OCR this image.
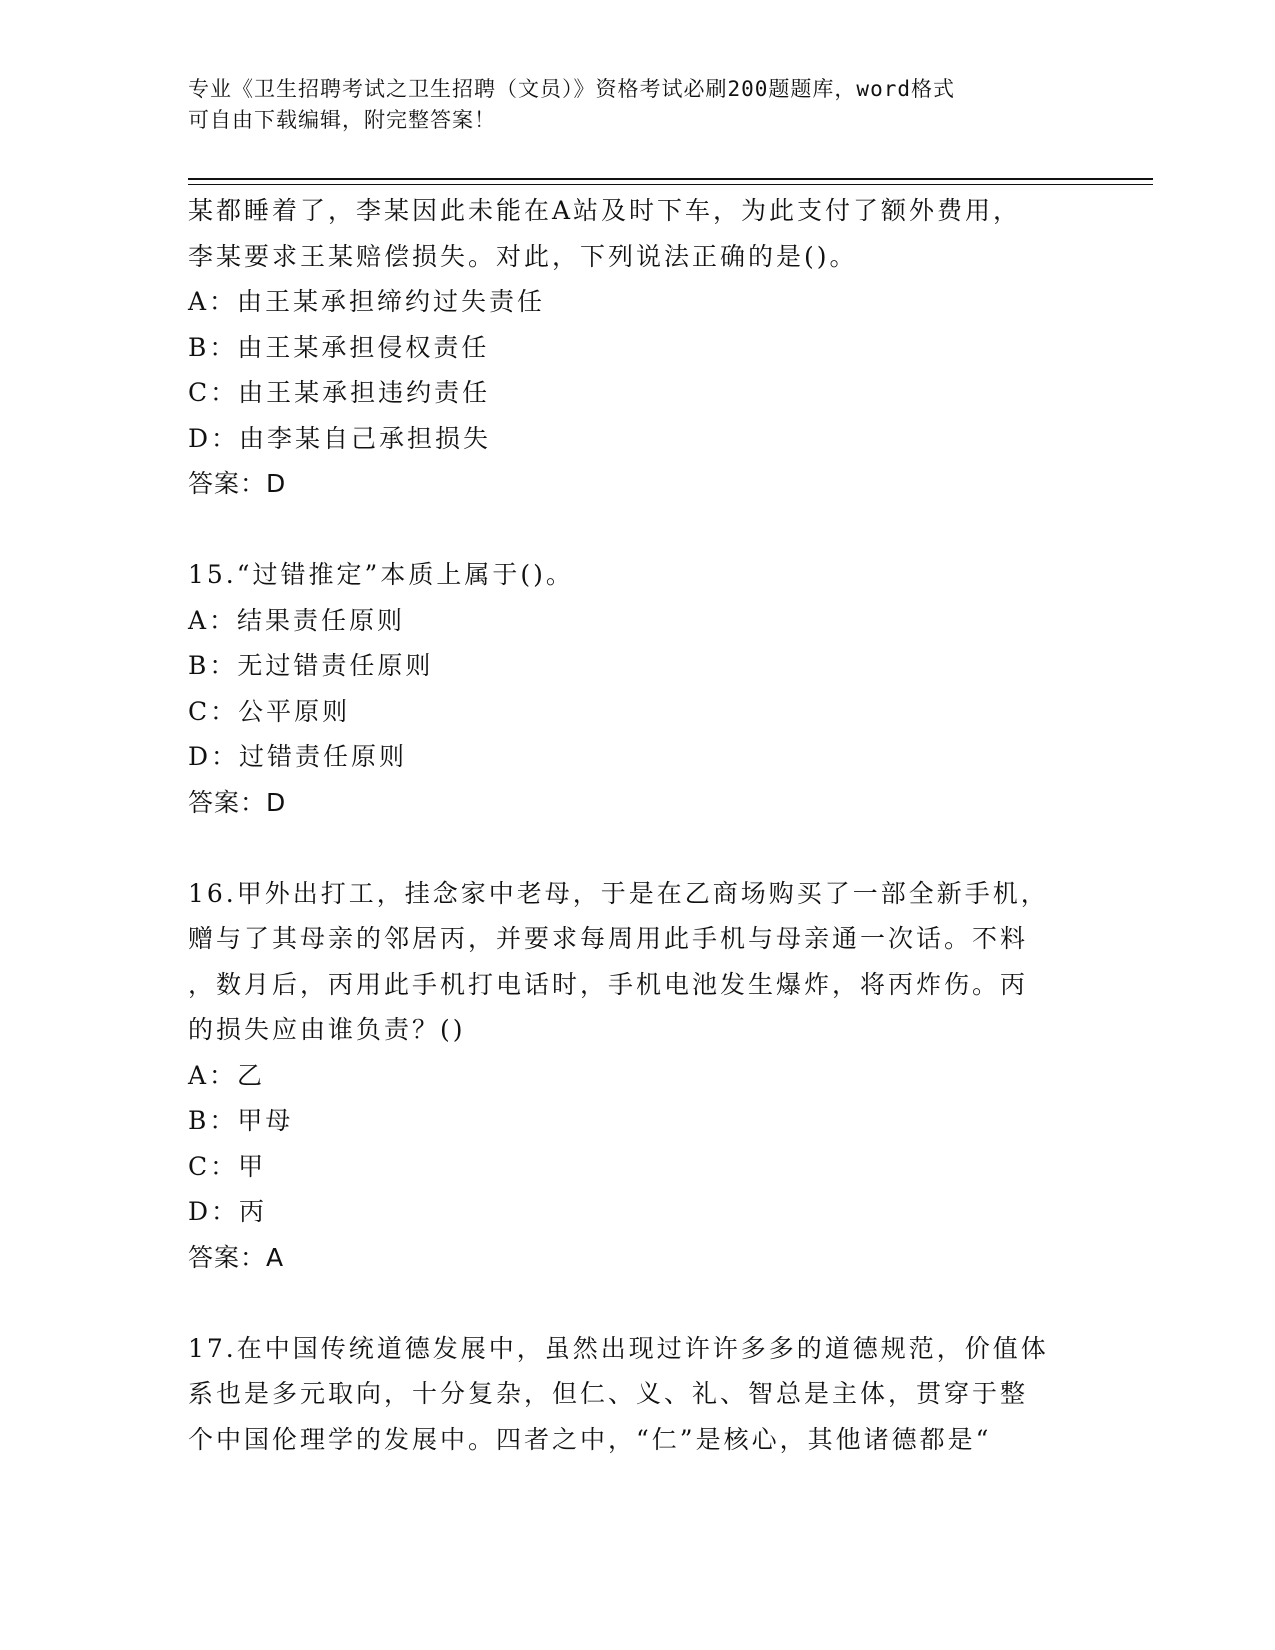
专业《卫生招聘考试之卫生招聘（文员）》资格考试必刷200题题库，word格式
可自由下载编辑，附完整答案！
某都睡着了，李某因此未能在A站及时下车，为此支付了额外费用，
李某要求王某赔偿损失。对此，下列说法正确的是()。
A：由王某承担缔约过失责任
B：由王某承担侵权责任
C：由王某承担违约责任
D：由李某自己承担损失
答案：D
15.“过错推定”本质上属于()。
A：结果责任原则
B：无过错责任原则
C：公平原则
D：过错责任原则
答案：D
16.甲外出打工，挂念家中老母，于是在乙商场购买了一部全新手机，
赠与了其母亲的邻居丙，并要求每周用此手机与母亲通一次话。不料
，数月后，丙用此手机打电话时，手机电池发生爆炸，将丙炸伤。丙
的损失应由谁负责？()
A：乙
B：甲母
C：甲
D：丙
答案：A
17.在中国传统道德发展中，虽然出现过许许多多的道德规范，价值体
系也是多元取向，十分复杂，但仁、义、礼、智总是主体，贯穿于整
个中国伦理学的发展中。四者之中，“仁”是核心，其他诸德都是“
